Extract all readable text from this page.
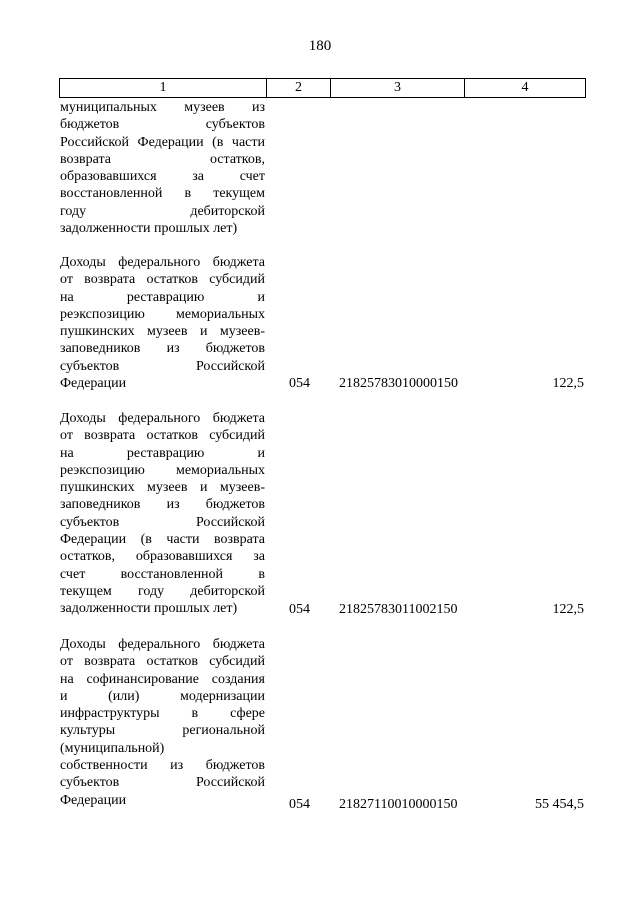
180
1	2	3	4
муниципальных музеев из
бюджетов субъектов
Российской Федерации (в части
возврата остатков,
образовавшихся за счет
восстановленной в текущем
году дебиторской
задолженности прошлых лет)
Доходы федерального бюджета
от возврата остатков субсидий
на реставрацию и
реэкспозицию мемориальных
пушкинских музеев и музеев-
заповедников из бюджетов
субъектов Российской
Федерации	054	21825783010000150	122,5
Доходы федерального бюджета
от возврата остатков субсидий
на реставрацию и
реэкспозицию мемориальных
пушкинских музеев и музеев-
заповедников из бюджетов
субъектов Российской
Федерации (в части возврата
остатков, образовавшихся за
счет восстановленной в
текущем году дебиторской
задолженности прошлых лет)	054	21825783011002150	122,5
Доходы федерального бюджета
от возврата остатков субсидий
на софинансирование создания
и (или) модернизации
инфраструктуры в сфере
культуры региональной
(муниципальной)
собственности из бюджетов
субъектов Российской
Федерации	054	21827110010000150	55 454,5
